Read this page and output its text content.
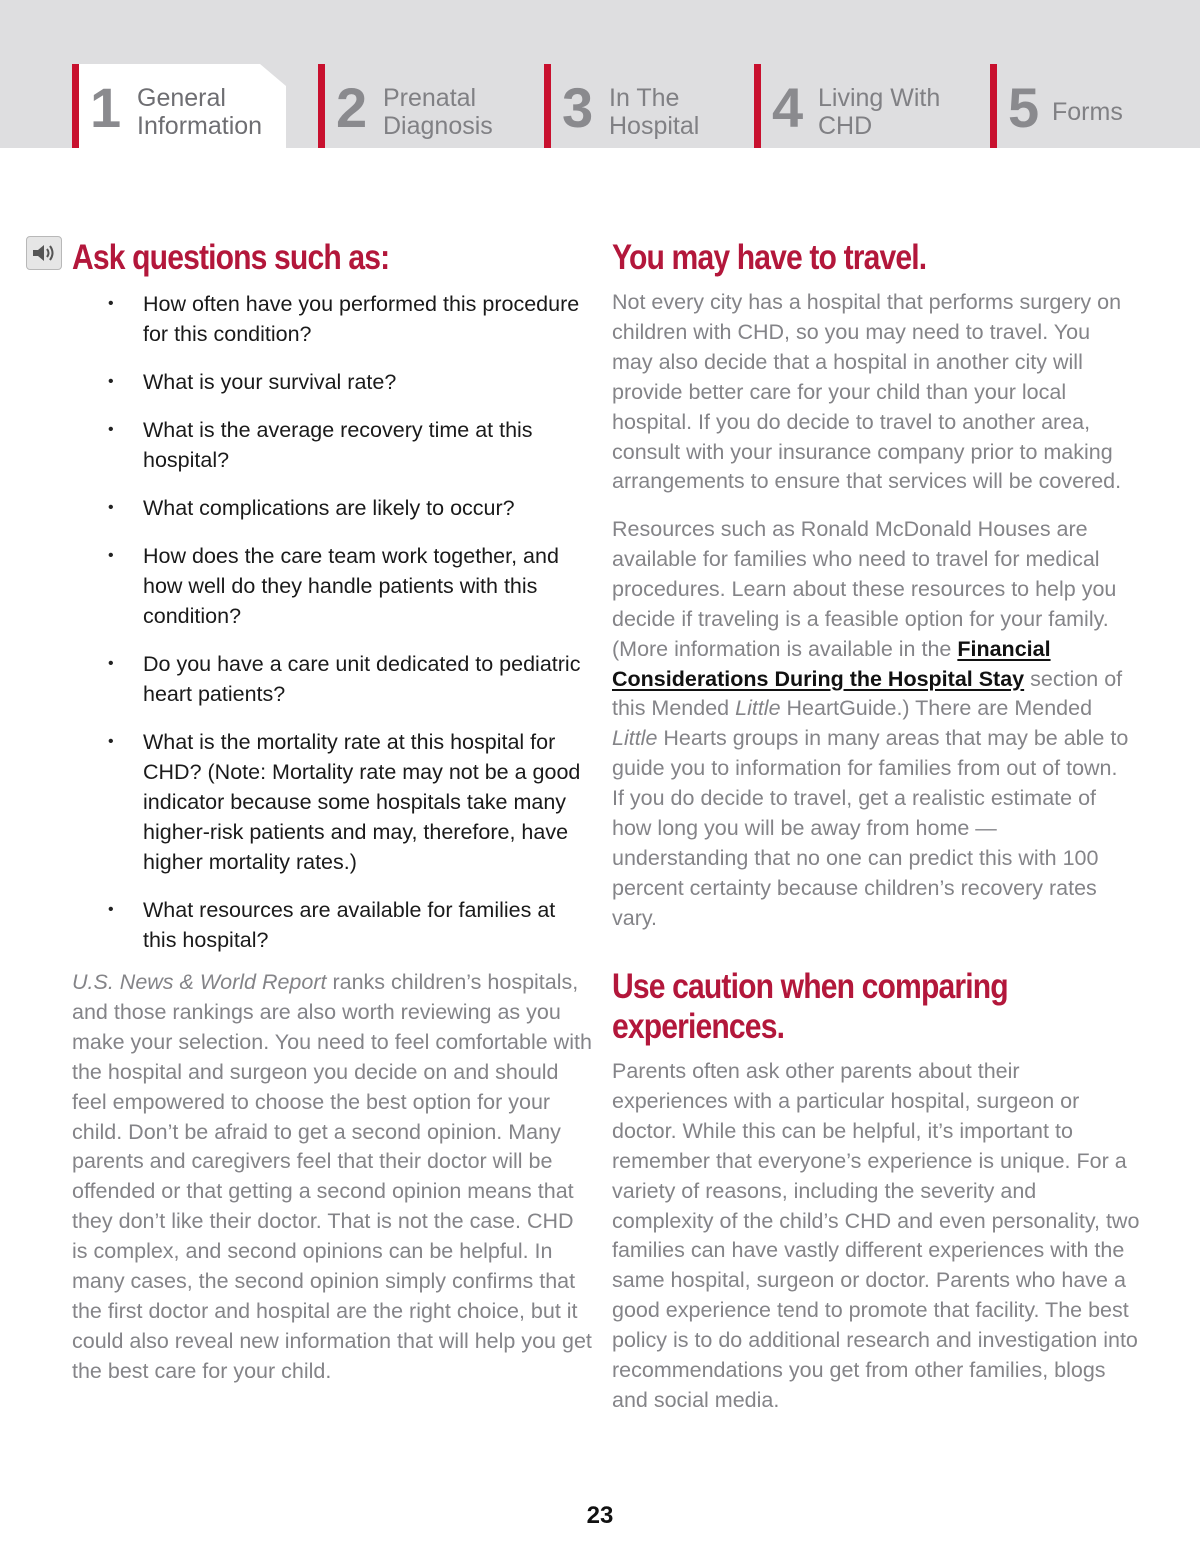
1 General
Information 2 Prenatal
Diagnosis 3 In The
Hospital 4 Living With
CHD	5 Forms
Ask questions such as:
• How often have you performed this procedure for this condition?
• What is your survival rate?
• What is the average recovery time at this hospital?
• What complications are likely to occur?
• How does the care team work together, and how well do they handle patients with this condition?
• Do you have a care unit dedicated to pediatric heart patients?
• What is the mortality rate at this hospital for CHD? (Note: Mortality rate may not be a good indicator because some hospitals take many higher-risk patients and may, therefore, have higher mortality rates.)
• What resources are available for families at this hospital?

U.S. News & World Report ranks children’s hospitals, and those rankings are also worth reviewing as you make your selection. You need to feel comfortable with the hospital and surgeon you decide on and should feel empowered to choose the best option for your child. Don’t be afraid to get a second opinion. Many parents and caregivers feel that their doctor will be offended or that getting a second opinion means that they don’t like their doctor. That is not the case. CHD is complex, and second opinions can be helpful. In many cases, the second opinion simply confirms that the first doctor and hospital are the right choice, but it could also reveal new information that will help you get the best care for your child.

You may have to travel.

Not every city has a hospital that performs surgery on children with CHD, so you may need to travel. You may also decide that a hospital in another city will provide better care for your child than your local hospital. If you do decide to travel to another area, consult with your insurance company prior to making arrangements to ensure that services will be covered.

Resources such as Ronald McDonald Houses are available for families who need to travel for medical procedures. Learn about these resources to help you decide if traveling is a feasible option for your family. (More information is available in the Financial Considerations During the Hospital Stay section of this Mended Little HeartGuide.) There are Mended Little Hearts groups in many areas that may be able to guide you to information for families from out of town. If you do decide to travel, get a realistic estimate of how long you will be away from home — understanding that no one can predict this with 100 percent certainty because children’s recovery rates vary.

Use caution when comparing
experiences.

Parents often ask other parents about their experiences with a particular hospital, surgeon or doctor. While this can be helpful, it’s important to remember that everyone’s experience is unique. For a variety of reasons, including the severity and complexity of the child’s CHD and even personality, two families can have vastly different experiences with the same hospital, surgeon or doctor. Parents who have a good experience tend to promote that facility. The best policy is to do additional research and investigation into recommendations you get from other families, blogs and social media.

23
